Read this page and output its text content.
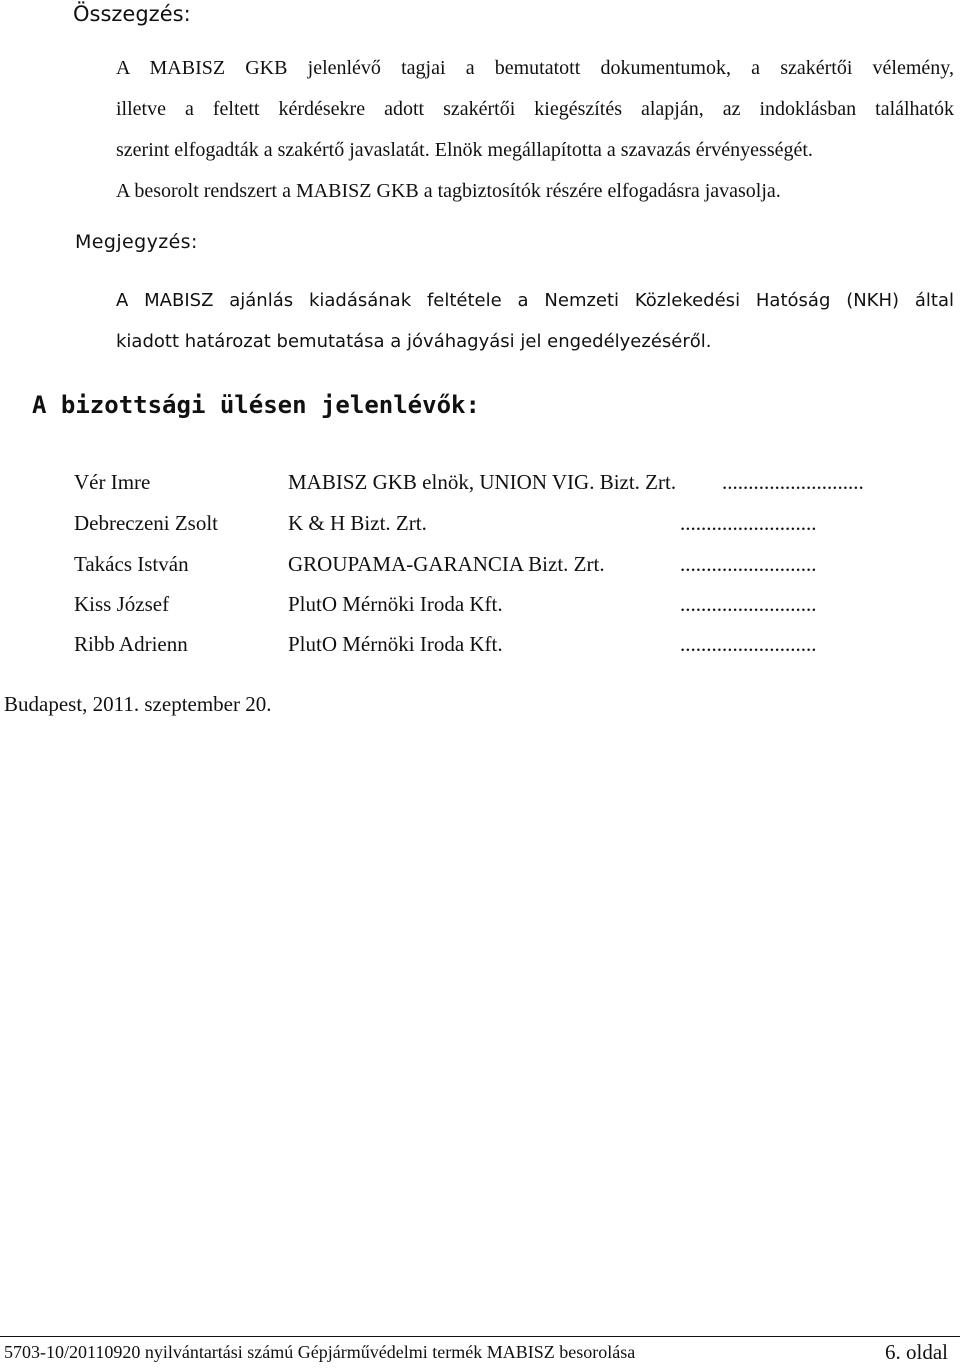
Összegzés:
A MABISZ GKB jelenlévő tagjai a bemutatott dokumentumok, a szakértői vélemény,
illetve a feltett kérdésekre adott szakértői kiegészítés alapján, az indoklásban találhatók
szerint elfogadták a szakértő javaslatát. Elnök megállapította a szavazás érvényességét.
A besorolt rendszert a MABISZ GKB a tagbiztosítók részére elfogadásra javasolja.
Megjegyzés:
A MABISZ ajánlás kiadásának feltétele a Nemzeti Közlekedési Hatóság (NKH) által
kiadott határozat bemutatása a jóváhagyási jel engedélyezéséről.
A bizottsági ülésen jelenlévők:
Vér Imre	MABISZ GKB elnök, UNION VIG. Bizt. Zrt. ...........................
Debreczeni Zsolt	K & H Bizt. Zrt.	..........................
Takács István	GROUPAMA-GARANCIA Bizt. Zrt.	..........................
Kiss József	PlutO Mérnöki Iroda Kft.	..........................
Ribb Adrienn	PlutO Mérnöki Iroda Kft.	..........................
Budapest, 2011. szeptember 20.
5703-10/20110920 nyilvántartási számú Gépjárművédelmi termék MABISZ besorolása	6. oldal
